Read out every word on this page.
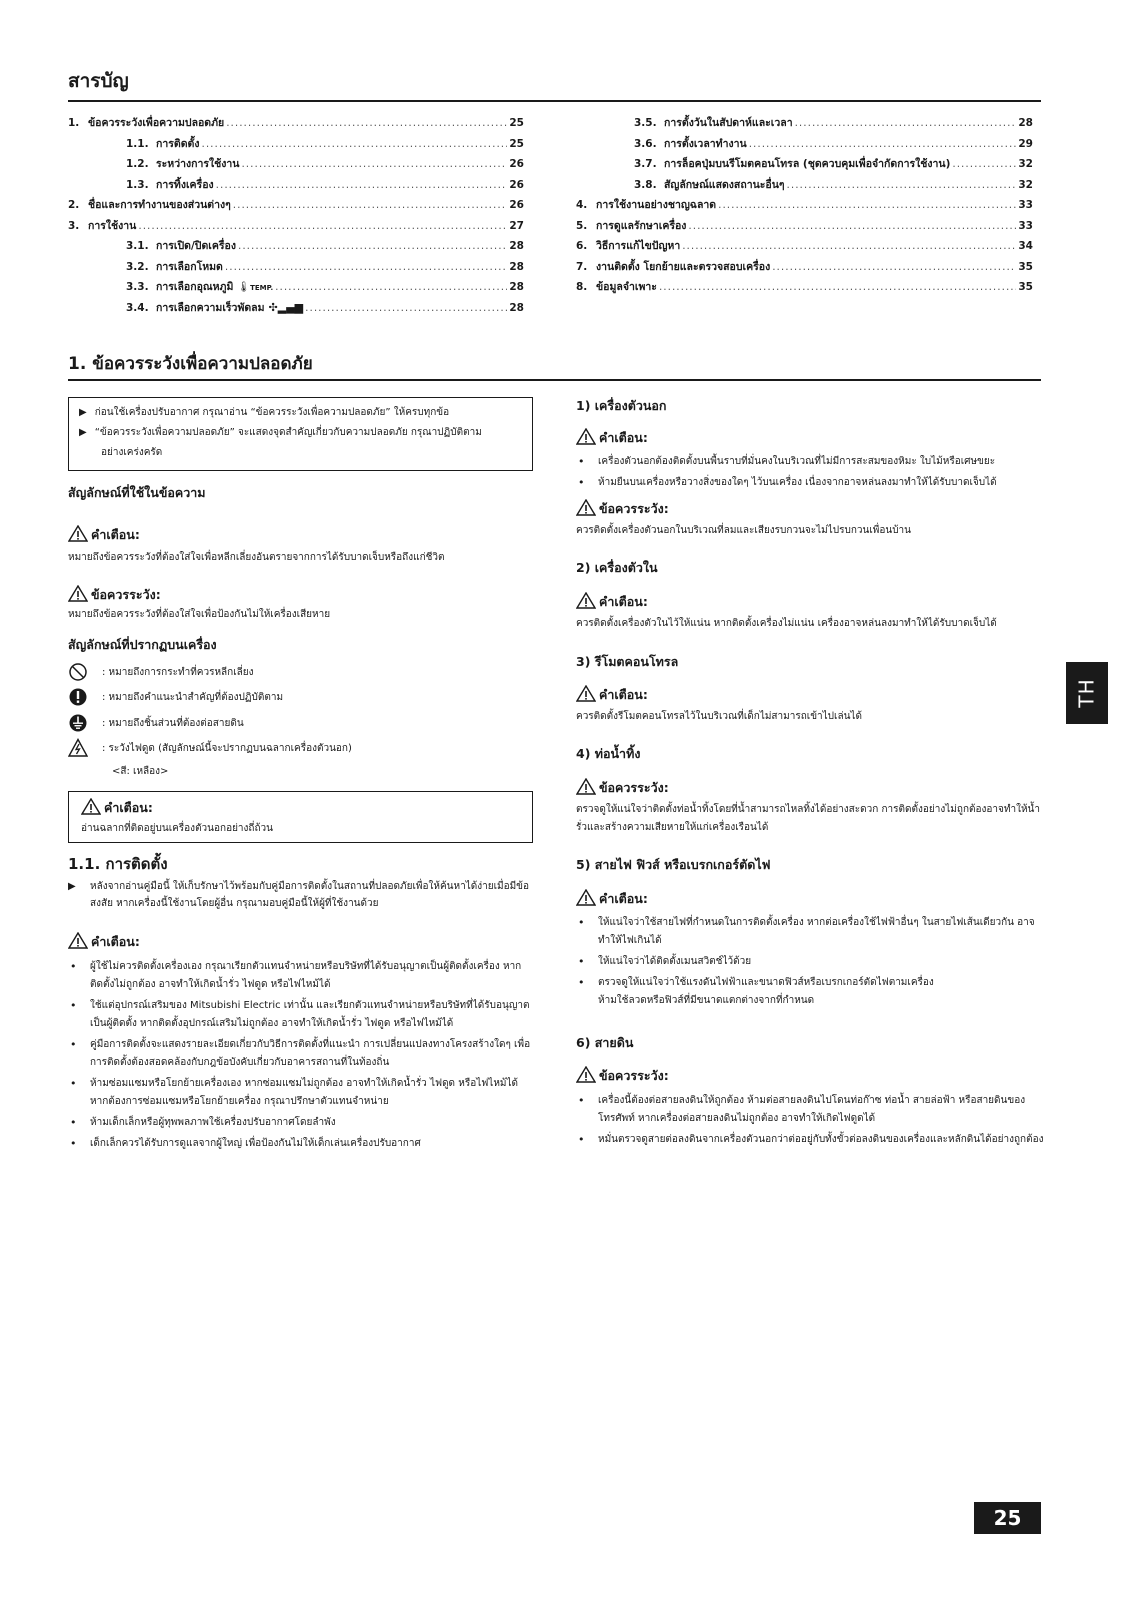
สารบัญ
1. ข้อควรระวังเพื่อความปลอดภัย .....	25
1.1. การติดตั้ง .....	25
1.2. ระหว่างการใช้งาน .....	26
1.3. การทิ้งเครื่อง .....	26
2. ชื่อและการทำงานของส่วนต่างๆ .....	26
3. การใช้งาน .....	27
3.1. การเปิด/ปิดเครื่อง .....	28
3.2. การเลือกโหมด .....	28
3.3. การเลือกอุณหภูมิ 🌡 TEMP. .....	28
3.4. การเลือกความเร็วพัดลม ✣▂▄▆ .....	28
3.5. การตั้งวันในสัปดาห์และเวลา .....	28
3.6. การตั้งเวลาทำงาน .....	29
3.7. การล็อคปุ่มบนรีโมตคอนโทรล (ชุดควบคุมเพื่อจำกัดการใช้งาน) .....	32
3.8. สัญลักษณ์แสดงสถานะอื่นๆ .....	32
4. การใช้งานอย่างชาญฉลาด .....	33
5. การดูแลรักษาเครื่อง .....	33
6. วิธีการแก้ไขปัญหา .....	34
7. งานติดตั้ง โยกย้ายและตรวจสอบเครื่อง .....	35
8. ข้อมูลจำเพาะ .....	35
1. ข้อควรระวังเพื่อความปลอดภัย
▶ ก่อนใช้เครื่องปรับอากาศ กรุณาอ่าน “ข้อควรระวังเพื่อความปลอดภัย” ให้ครบทุกข้อ
▶ “ข้อควรระวังเพื่อความปลอดภัย” จะแสดงจุดสำคัญเกี่ยวกับความปลอดภัย กรุณาปฏิบัติตาม
อย่างเคร่งครัด
สัญลักษณ์ที่ใช้ในข้อความ
คำเตือน:
หมายถึงข้อควรระวังที่ต้องใส่ใจเพื่อหลีกเลี่ยงอันตรายจากการได้รับบาดเจ็บหรือถึงแก่ชีวิต
ข้อควรระวัง:
หมายถึงข้อควรระวังที่ต้องใส่ใจเพื่อป้องกันไม่ให้เครื่องเสียหาย
สัญลักษณ์ที่ปรากฏบนเครื่อง
: หมายถึงการกระทำที่ควรหลีกเลี่ยง
: หมายถึงคำแนะนำสำคัญที่ต้องปฏิบัติตาม
: หมายถึงชิ้นส่วนที่ต้องต่อสายดิน
: ระวังไฟดูด (สัญลักษณ์นี้จะปรากฏบนฉลากเครื่องตัวนอก)
<สี: เหลือง>
คำเตือน:
อ่านฉลากที่ติดอยู่บนเครื่องตัวนอกอย่างถี่ถ้วน
1.1. การติดตั้ง
▶ หลังจากอ่านคู่มือนี้ ให้เก็บรักษาไว้พร้อมกับคู่มือการติดตั้งในสถานที่ปลอดภัยเพื่อให้ค้นหาได้ง่ายเมื่อมีข้อ
สงสัย หากเครื่องนี้ใช้งานโดยผู้อื่น กรุณามอบคู่มือนี้ให้ผู้ที่ใช้งานด้วย
คำเตือน:
• ผู้ใช้ไม่ควรติดตั้งเครื่องเอง กรุณาเรียกตัวแทนจำหน่ายหรือบริษัทที่ได้รับอนุญาตเป็นผู้ติดตั้งเครื่อง หาก
ติดตั้งไม่ถูกต้อง อาจทำให้เกิดน้ำรั่ว ไฟดูด หรือไฟไหม้ได้
• ใช้แต่อุปกรณ์เสริมของ Mitsubishi Electric เท่านั้น และเรียกตัวแทนจำหน่ายหรือบริษัทที่ได้รับอนุญาต
เป็นผู้ติดตั้ง หากติดตั้งอุปกรณ์เสริมไม่ถูกต้อง อาจทำให้เกิดน้ำรั่ว ไฟดูด หรือไฟไหม้ได้
• คู่มือการติดตั้งจะแสดงรายละเอียดเกี่ยวกับวิธีการติดตั้งที่แนะนำ การเปลี่ยนแปลงทางโครงสร้างใดๆ เพื่อ
การติดตั้งต้องสอดคล้องกับกฎข้อบังคับเกี่ยวกับอาคารสถานที่ในท้องถิ่น
• ห้ามซ่อมแซมหรือโยกย้ายเครื่องเอง หากซ่อมแซมไม่ถูกต้อง อาจทำให้เกิดน้ำรั่ว ไฟดูด หรือไฟไหม้ได้
หากต้องการซ่อมแซมหรือโยกย้ายเครื่อง กรุณาปรึกษาตัวแทนจำหน่าย
• ห้ามเด็กเล็กหรือผู้ทุพพลภาพใช้เครื่องปรับอากาศโดยลำพัง
• เด็กเล็กควรได้รับการดูแลจากผู้ใหญ่ เพื่อป้องกันไม่ให้เด็กเล่นเครื่องปรับอากาศ
1) เครื่องตัวนอก
คำเตือน:
• เครื่องตัวนอกต้องติดตั้งบนพื้นราบที่มั่นคงในบริเวณที่ไม่มีการสะสมของหิมะ ใบไม้หรือเศษขยะ
• ห้ามยืนบนเครื่องหรือวางสิ่งของใดๆ ไว้บนเครื่อง เนื่องจากอาจหล่นลงมาทำให้ได้รับบาดเจ็บได้
ข้อควรระวัง:
ควรติดตั้งเครื่องตัวนอกในบริเวณที่ลมและเสียงรบกวนจะไม่ไปรบกวนเพื่อนบ้าน
2) เครื่องตัวใน
คำเตือน:
ควรติดตั้งเครื่องตัวในไว้ให้แน่น หากติดตั้งเครื่องไม่แน่น เครื่องอาจหล่นลงมาทำให้ได้รับบาดเจ็บได้
3) รีโมตคอนโทรล
คำเตือน:
ควรติดตั้งรีโมตคอนโทรลไว้ในบริเวณที่เด็กไม่สามารถเข้าไปเล่นได้
4) ท่อน้ำทิ้ง
ข้อควรระวัง:
ตรวจดูให้แน่ใจว่าติดตั้งท่อน้ำทิ้งโดยที่น้ำสามารถไหลทิ้งได้อย่างสะดวก การติดตั้งอย่างไม่ถูกต้องอาจทำให้น้ำ
รั่วและสร้างความเสียหายให้แก่เครื่องเรือนได้
5) สายไฟ ฟิวส์ หรือเบรกเกอร์ตัดไฟ
คำเตือน:
• ให้แน่ใจว่าใช้สายไฟที่กำหนดในการติดตั้งเครื่อง หากต่อเครื่องใช้ไฟฟ้าอื่นๆ ในสายไฟเส้นเดียวกัน อาจ
ทำให้ไฟเกินได้
• ให้แน่ใจว่าได้ติดตั้งเมนสวิตช์ไว้ด้วย
• ตรวจดูให้แน่ใจว่าใช้แรงดันไฟฟ้าและขนาดฟิวส์หรือเบรกเกอร์ตัดไฟตามเครื่อง
ห้ามใช้ลวดหรือฟิวส์ที่มีขนาดแตกต่างจากที่กำหนด
6) สายดิน
ข้อควรระวัง:
• เครื่องนี้ต้องต่อสายลงดินให้ถูกต้อง ห้ามต่อสายลงดินไปโดนท่อก๊าซ ท่อน้ำ สายล่อฟ้า หรือสายดินของ
โทรศัพท์ หากเครื่องต่อสายลงดินไม่ถูกต้อง อาจทำให้เกิดไฟดูดได้
• หมั่นตรวจดูสายต่อลงดินจากเครื่องตัวนอกว่าต่ออยู่กับทั้งขั้วต่อลงดินของเครื่องและหลักดินได้อย่างถูกต้อง
TH
25
